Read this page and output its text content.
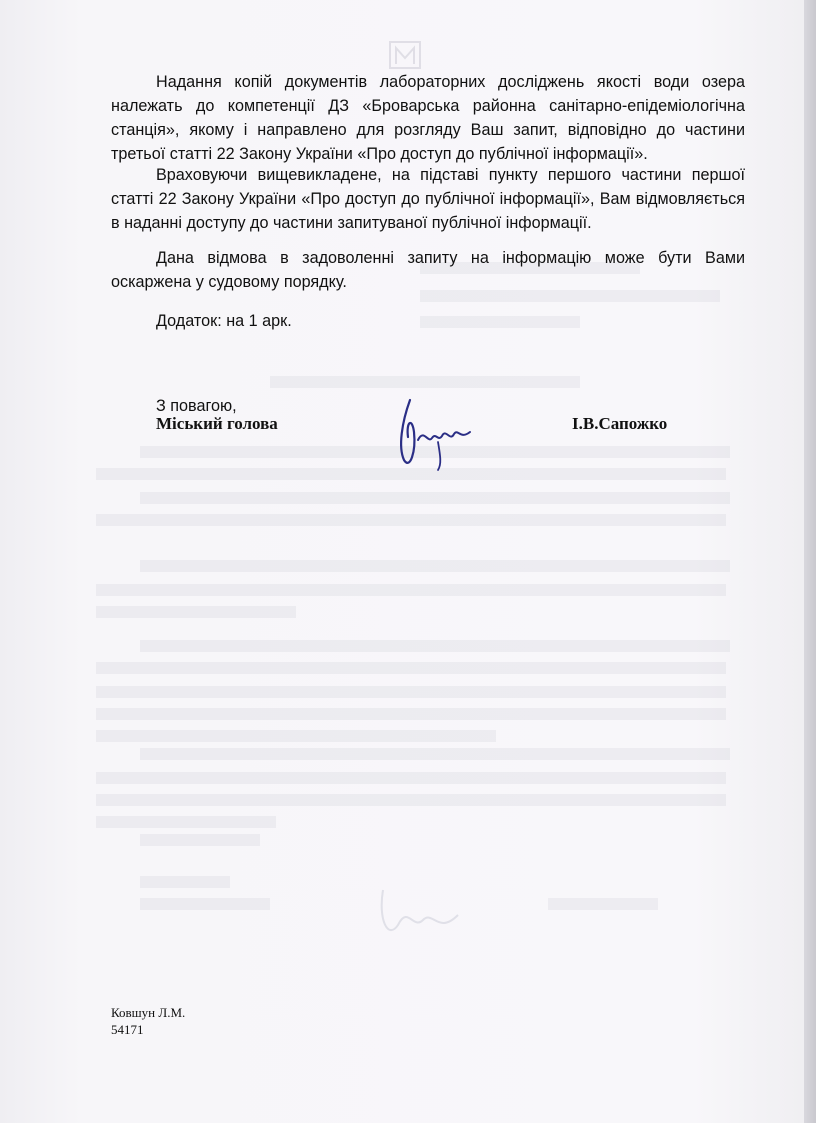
Надання копій документів лабораторних досліджень якості води озера належать до компетенції ДЗ «Броварська районна санітарно-епідеміологічна станція», якому і направлено для розгляду Ваш запит, відповідно до частини третьої статті 22 Закону України «Про доступ до публічної інформації».

Враховуючи вищевикладене, на підставі пункту першого частини першої статті 22 Закону України «Про доступ до публічної інформації», Вам відмовляється в наданні доступу до частини запитуваної публічної інформації.

Дана відмова в задоволенні запиту на інформацію може бути Вами оскаржена у судовому порядку.

Додаток: на 1 арк.
З повагою,
Міський голова	І.В.Сапожко
Ковшун Л.М.
54171
